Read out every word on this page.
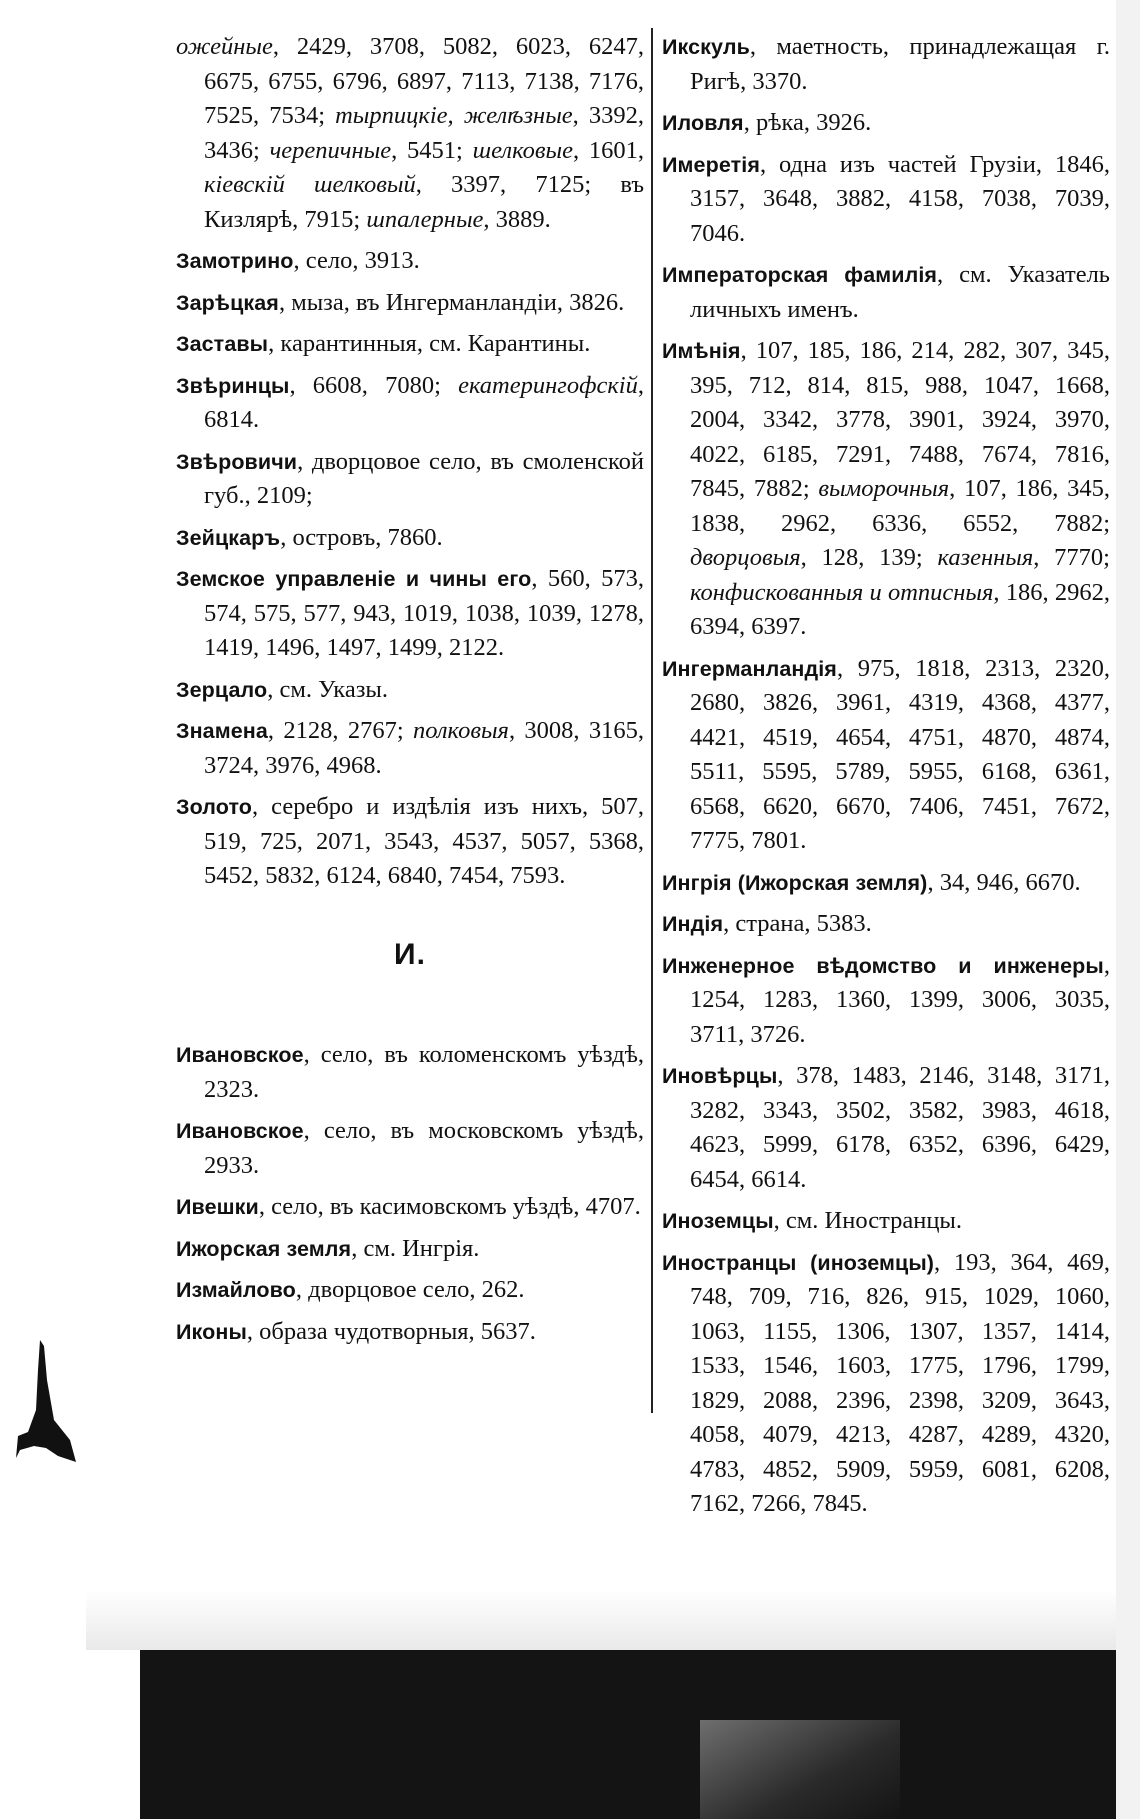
ожейные, 2429, 3708, 5082, 6023, 6247, 6675, 6755, 6796, 6897, 7113, 7138, 7176, 7525, 7534; тырпицкie, желѣзные, 3392, 3436; черепичные, 5451; шелковые, 1601, кiевскiй шелковый, 3397, 7125; въ Кизлярѣ, 7915; шпалерные, 3889.
Замотрино, село, 3913.
Зарѣцкая, мыза, въ Ингерманландiи, 3826.
Заставы, карантинныя, см. Карантины.
Звѣринцы, 6608, 7080; екатерингофскiй, 6814.
Звѣровичи, дворцовое село, въ смоленской губ., 2109;
Зейцкаръ, островъ, 7860.
Земское управленiе и чины его, 560, 573, 574, 575, 577, 943, 1019, 1038, 1039, 1278, 1419, 1496, 1497, 1499, 2122.
Зерцало, см. Указы.
Знамена, 2128, 2767; полковыя, 3008, 3165, 3724, 3976, 4968.
Золото, серебро и издѣлiя изъ нихъ, 507, 519, 725, 2071, 3543, 4537, 5057, 5368, 5452, 5832, 6124, 6840, 7454, 7593.
И.
Ивановское, село, въ коломенскомъ уѣздѣ, 2323.
Ивановское, село, въ московскомъ уѣздѣ, 2933.
Ивешки, село, въ касимовскомъ уѣздѣ, 4707.
Ижорская земля, см. Ингрiя.
Измайлово, дворцовое село, 262.
Иконы, образа чудотворныя, 5637.
Икскуль, маетность, принадлежащая г. Ригѣ, 3370.
Иловля, рѣка, 3926.
Имеретiя, одна изъ частей Грузiи, 1846, 3157, 3648, 3882, 4158, 7038, 7039, 7046.
Императорская фамилiя, см. Указатель личныхъ именъ.
Имѣнiя, 107, 185, 186, 214, 282, 307, 345, 395, 712, 814, 815, 988, 1047, 1668, 2004, 3342, 3778, 3901, 3924, 3970, 4022, 6185, 7291, 7488, 7674, 7816, 7845, 7882; выморочныя, 107, 186, 345, 1838, 2962, 6336, 6552, 7882; дворцовыя, 128, 139; казенныя, 7770; конфискованныя и отписныя, 186, 2962, 6394, 6397.
Ингерманландiя, 975, 1818, 2313, 2320, 2680, 3826, 3961, 4319, 4368, 4377, 4421, 4519, 4654, 4751, 4870, 4874, 5511, 5595, 5789, 5955, 6168, 6361, 6568, 6620, 6670, 7406, 7451, 7672, 7775, 7801.
Ингрiя (Ижорская земля), 34, 946, 6670.
Индiя, страна, 5383.
Инженерное вѣдомство и инженеры, 1254, 1283, 1360, 1399, 3006, 3035, 3711, 3726.
Иновѣрцы, 378, 1483, 2146, 3148, 3171, 3282, 3343, 3502, 3582, 3983, 4618, 4623, 5999, 6178, 6352, 6396, 6429, 6454, 6614.
Иноземцы, см. Иностранцы.
Иностранцы (иноземцы), 193, 364, 469, 748, 709, 716, 826, 915, 1029, 1060, 1063, 1155, 1306, 1307, 1357, 1414, 1533, 1546, 1603, 1775, 1796, 1799, 1829, 2088, 2396, 2398, 3209, 3643, 4058, 4079, 4213, 4287, 4289, 4320, 4783, 4852, 5909, 5959, 6081, 6208, 7162, 7266, 7845.
